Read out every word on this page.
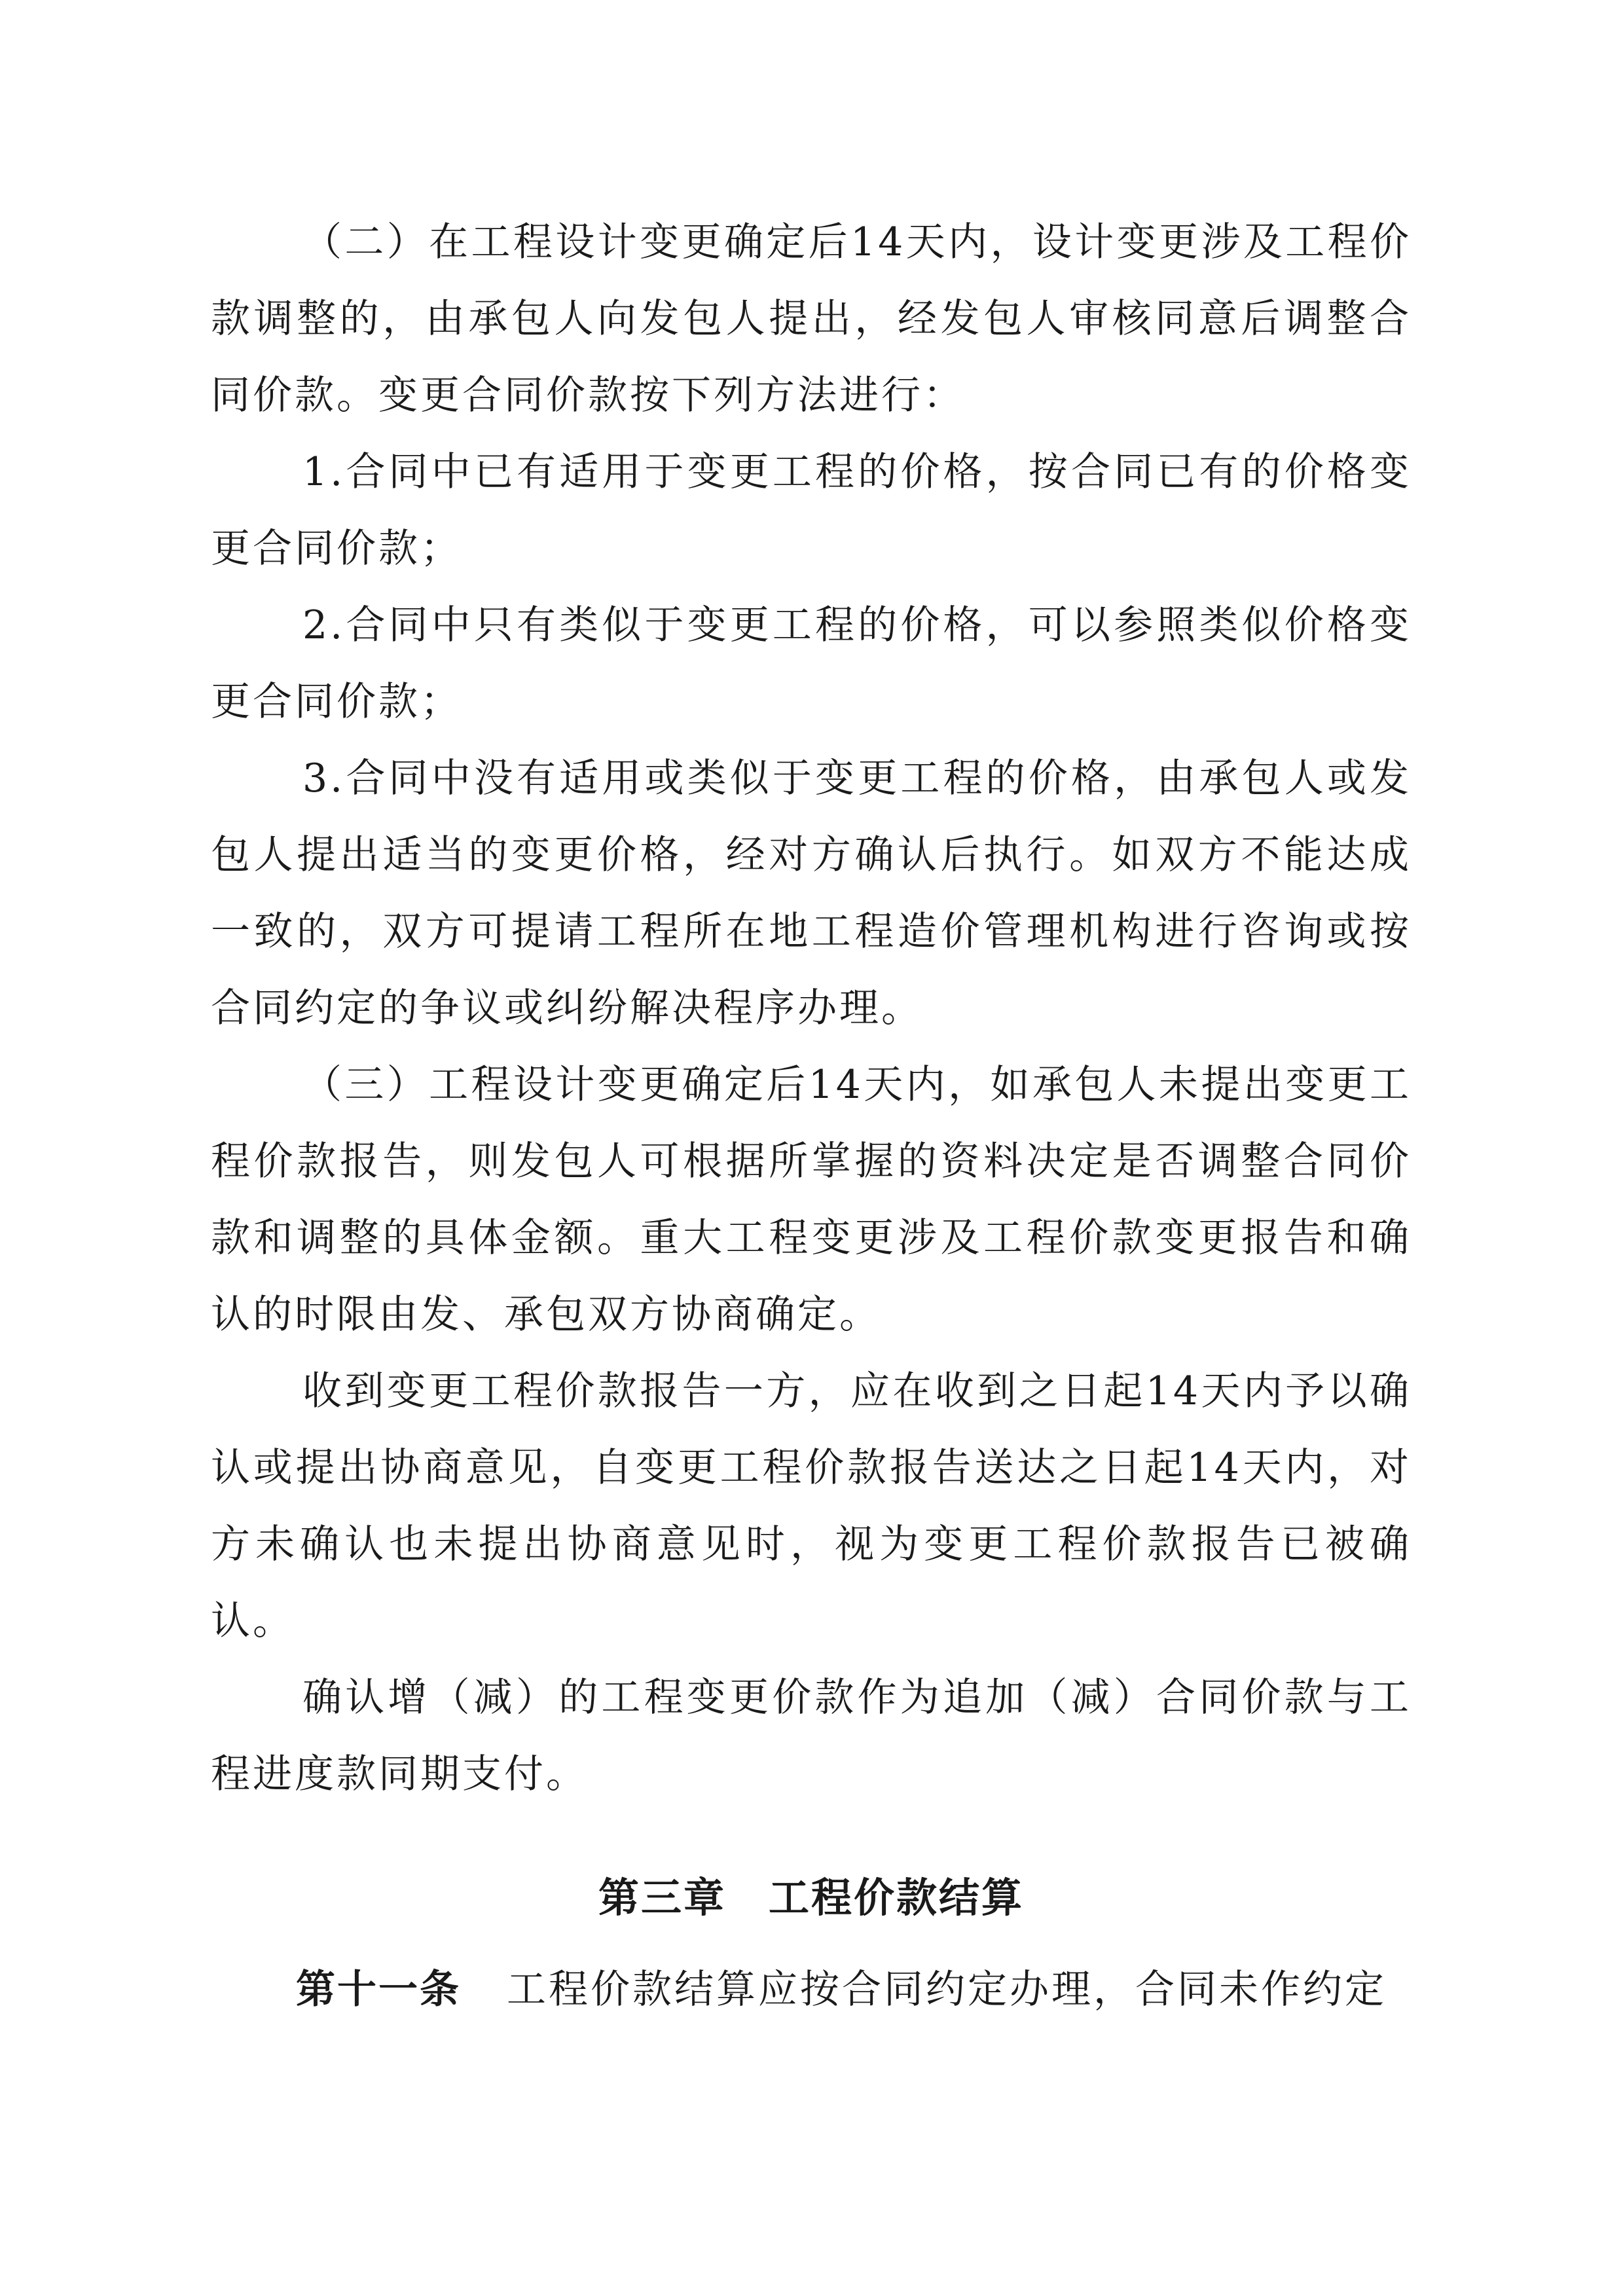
（二）在工程设计变更确定后14天内，设计变更涉及工程价款调整的，由承包人向发包人提出，经发包人审核同意后调整合同价款。变更合同价款按下列方法进行：

1.合同中已有适用于变更工程的价格，按合同已有的价格变更合同价款；

2.合同中只有类似于变更工程的价格，可以参照类似价格变更合同价款；

3.合同中没有适用或类似于变更工程的价格，由承包人或发包人提出适当的变更价格，经对方确认后执行。如双方不能达成一致的，双方可提请工程所在地工程造价管理机构进行咨询或按合同约定的争议或纠纷解决程序办理。

（三）工程设计变更确定后14天内，如承包人未提出变更工程价款报告，则发包人可根据所掌握的资料决定是否调整合同价款和调整的具体金额。重大工程变更涉及工程价款变更报告和确认的时限由发、承包双方协商确定。

收到变更工程价款报告一方，应在收到之日起14天内予以确认或提出协商意见，自变更工程价款报告送达之日起14天内，对方未确认也未提出协商意见时，视为变更工程价款报告已被确认。

确认增（减）的工程变更价款作为追加（减）合同价款与工程进度款同期支付。

第三章　工程价款结算

第十一条 工程价款结算应按合同约定办理，合同未作约定
